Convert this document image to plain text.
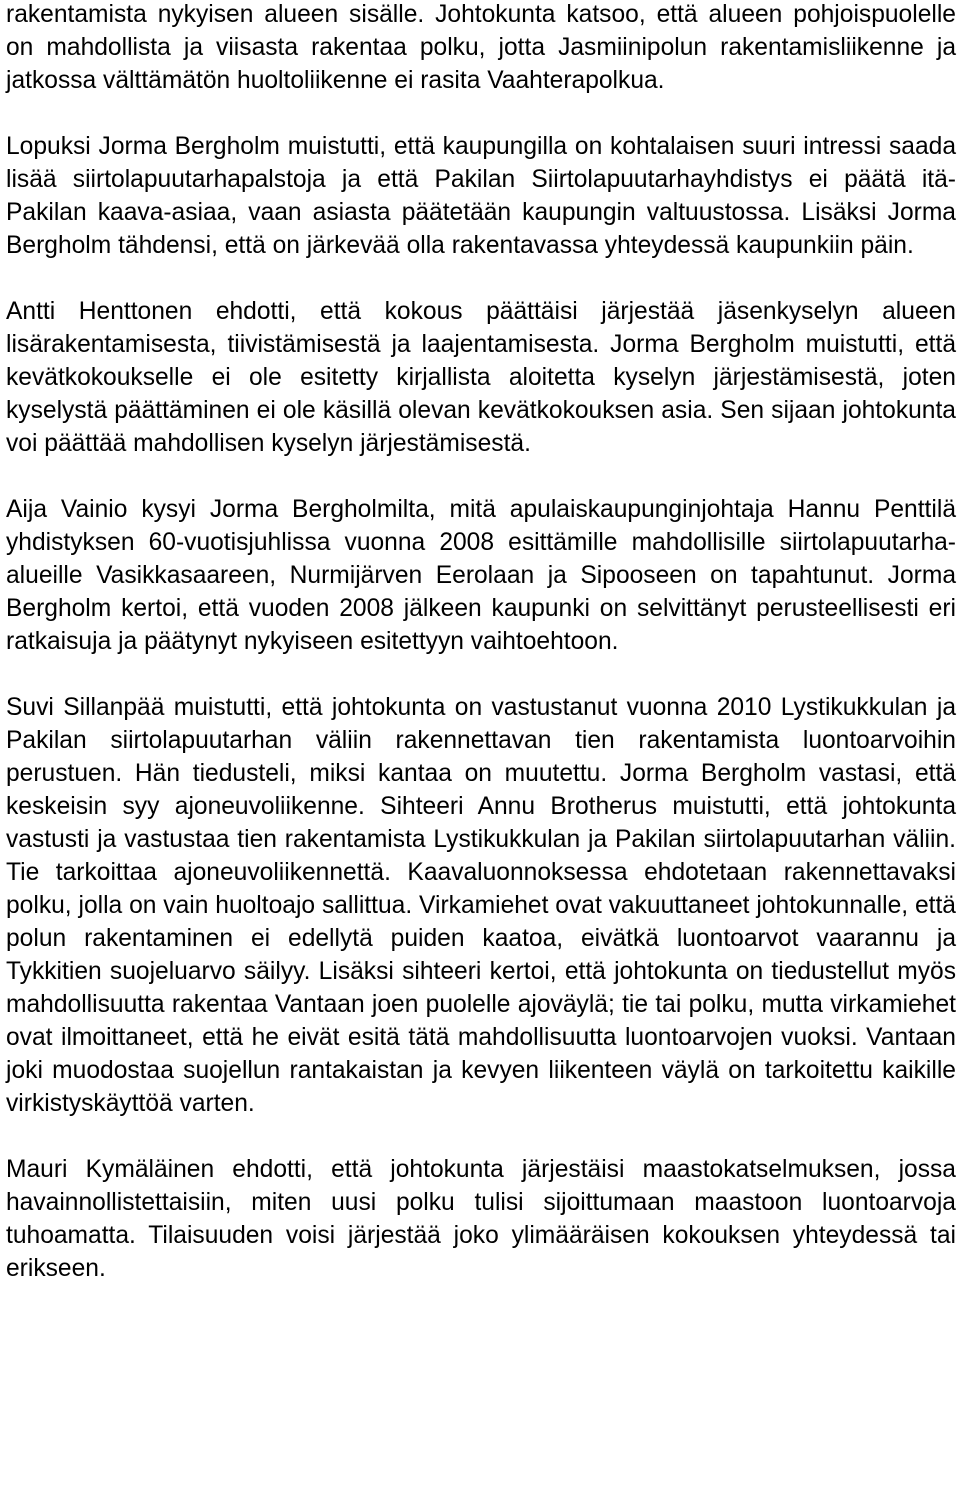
rakentamista nykyisen alueen sisälle. Johtokunta katsoo, että alueen pohjoispuolelle on mahdollista ja viisasta rakentaa polku, jotta Jasmiinipolun rakentamisliikenne ja jatkossa välttämätön huoltoliikenne ei rasita Vaahterapolkua.

Lopuksi Jorma Bergholm muistutti, että kaupungilla on kohtalaisen suuri intressi saada lisää siirtolapuutarhapalstoja ja että Pakilan Siirtolapuutarhayhdistys ei päätä itä-Pakilan kaava-asiaa, vaan asiasta päätetään kaupungin valtuustossa. Lisäksi Jorma Bergholm tähdensi, että on järkevää olla rakentavassa yhteydessä kaupunkiin päin.

Antti Henttonen ehdotti, että kokous päättäisi järjestää jäsenkyselyn alueen lisärakentamisesta, tiivistämisestä ja laajentamisesta. Jorma Bergholm muistutti, että kevätkokoukselle ei ole esitetty kirjallista aloitetta kyselyn järjestämisestä, joten kyselystä päättäminen ei ole käsillä olevan kevätkokouksen asia. Sen sijaan johtokunta voi päättää mahdollisen kyselyn järjestämisestä.

Aija Vainio kysyi Jorma Bergholmilta, mitä apulaiskaupunginjohtaja Hannu Penttilä yhdistyksen 60-vuotisjuhlissa vuonna 2008 esittämille mahdollisille siirtolapuutarha-alueille Vasikkasaareen, Nurmijärven Eerolaan ja Sipooseen on tapahtunut. Jorma Bergholm kertoi, että vuoden 2008 jälkeen kaupunki on selvittänyt perusteellisesti eri ratkaisuja ja päätynyt nykyiseen esitettyyn vaihtoehtoon.

Suvi Sillanpää muistutti, että johtokunta on vastustanut vuonna 2010 Lystikukkulan ja Pakilan siirtolapuutarhan väliin rakennettavan tien rakentamista luontoarvoihin perustuen. Hän tiedusteli, miksi kantaa on muutettu. Jorma Bergholm vastasi, että keskeisin syy ajoneuvoliikenne. Sihteeri Annu Brotherus muistutti, että johtokunta vastusti ja vastustaa tien rakentamista Lystikukkulan ja Pakilan siirtolapuutarhan väliin. Tie tarkoittaa ajoneuvoliikennettä. Kaavaluonnoksessa ehdotetaan rakennettavaksi polku, jolla on vain huoltoajo sallittua. Virkamiehet ovat vakuuttaneet johtokunnalle, että polun rakentaminen ei edellytä puiden kaatoa, eivätkä luontoarvot vaarannu ja Tykkitien suojeluarvo säilyy. Lisäksi sihteeri kertoi, että johtokunta on tiedustellut myös mahdollisuutta rakentaa Vantaan joen puolelle ajoväylä; tie tai polku, mutta virkamiehet ovat ilmoittaneet, että he eivät esitä tätä mahdollisuutta luontoarvojen vuoksi. Vantaan joki muodostaa suojellun rantakaistan ja kevyen liikenteen väylä on tarkoitettu kaikille virkistyskäyttöä varten.

Mauri Kymäläinen ehdotti, että johtokunta järjestäisi maastokatselmuksen, jossa havainnollistettaisiin, miten uusi polku tulisi sijoittumaan maastoon luontoarvoja tuhoamatta. Tilaisuuden voisi järjestää joko ylimääräisen kokouksen yhteydessä tai erikseen.
